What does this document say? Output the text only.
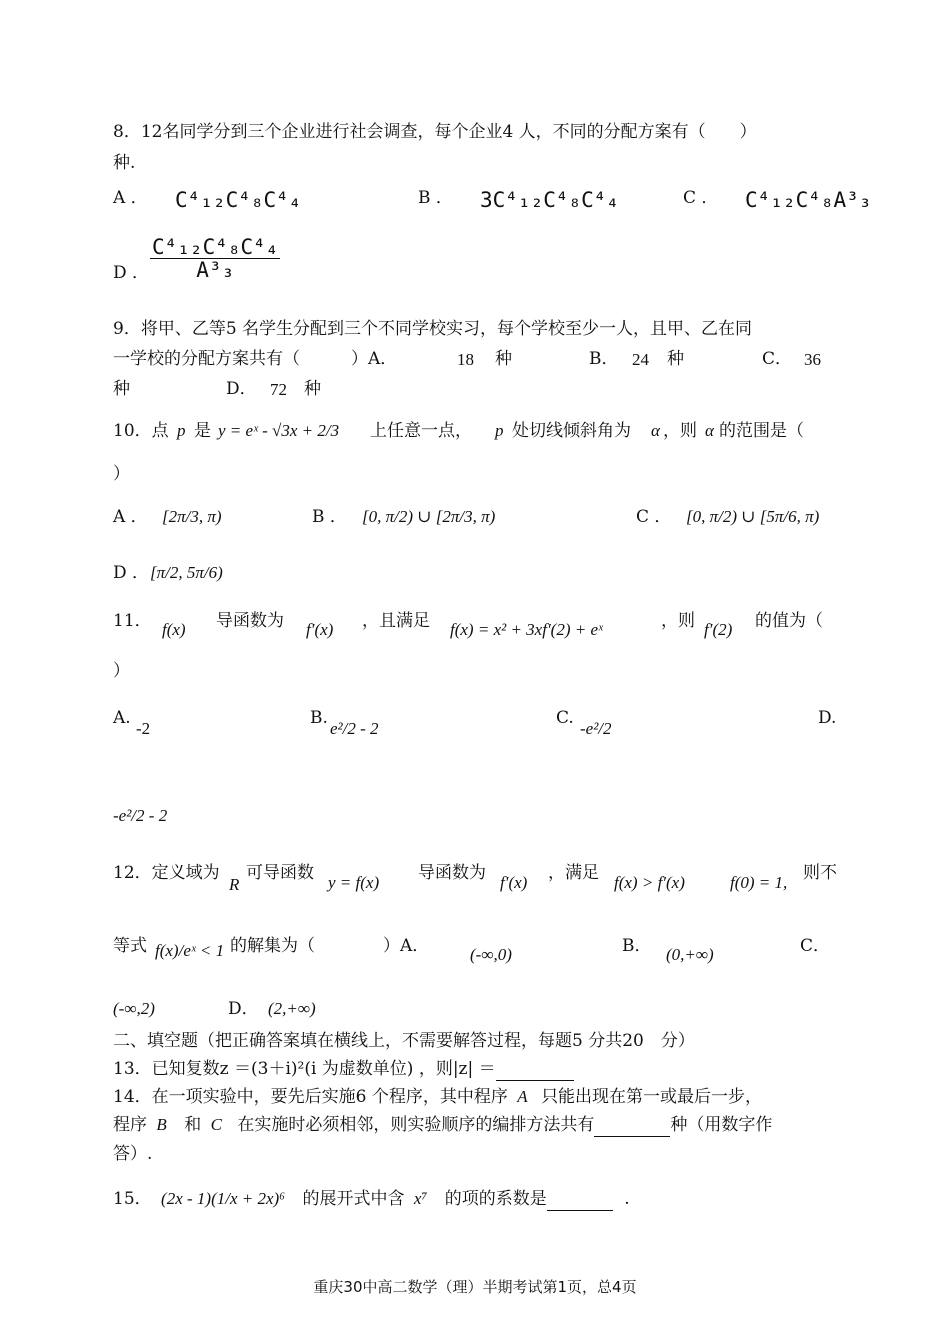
8．12名同学分到三个企业进行社会调查，每个企业4 人，不同的分配方案有（　　）
种.
A ． C⁴₁₂C⁴₈C⁴₄	B ． 3C⁴₁₂C⁴₈C⁴₄	C ． C⁴₁₂C⁴₈A³₃
D ． $\frac{\text{C⁴₁₂C⁴₈C⁴₄}}{\text{A³₃}}$
9．将甲、乙等5 名学生分配到三个不同学校实习，每个学校至少一人，且甲、乙在同
一学校的分配方案共有（　　　）A．	18 种	B． 24 种	C． 36
种	D． 72 种
10．点 p 是 y = eˣ - √3x + 2/3 上任意一点， p 处切线倾斜角为 α ，则 α 的范围是（
）
A ． [2π/3, π)	B ． [0, π/2) ∪ [2π/3, π)	C ． [0, π/2) ∪ [5π/6, π)
D ． [π/2, 5π/6)
11． f(x) 导函数为 f′(x) ，且满足 f(x) = x² + 3xf′(2) + eˣ	，则 f′(2) 的值为（
）
A.
-2
B.
e²/2 - 2
C.
-e²/2
D.
-e²/2 - 2
12．定义域为
R
可导函数 y = f(x) 导函数为 f′(x) ，满足 f(x) > f′(x)	f(0) = 1, 则不
等式 f(x)/eˣ < 1 的解集为（　　　　）A． (-∞,0)	B． (0,+∞)	C．
(-∞,2)	D． (2,+∞)
二、填空题（把正确答案填在横线上，不需要解答过程，每题5 分共20　分）
13．已知复数z ＝(3＋i)²(i 为虚数单位) ，则|z| ＝
14．在一项实验中，要先后实施6 个程序，其中程序 A 只能出现在第一或最后一步，
程序 B 和 C 在实施时必须相邻，则实验顺序的编排方法共有	种（用数字作
答）.
15． (2x - 1)(1/x + 2x)⁶ 的展开式中含 x⁷ 的项的系数是	.
重庆30中高二数学（理）半期考试第1页，总4页
